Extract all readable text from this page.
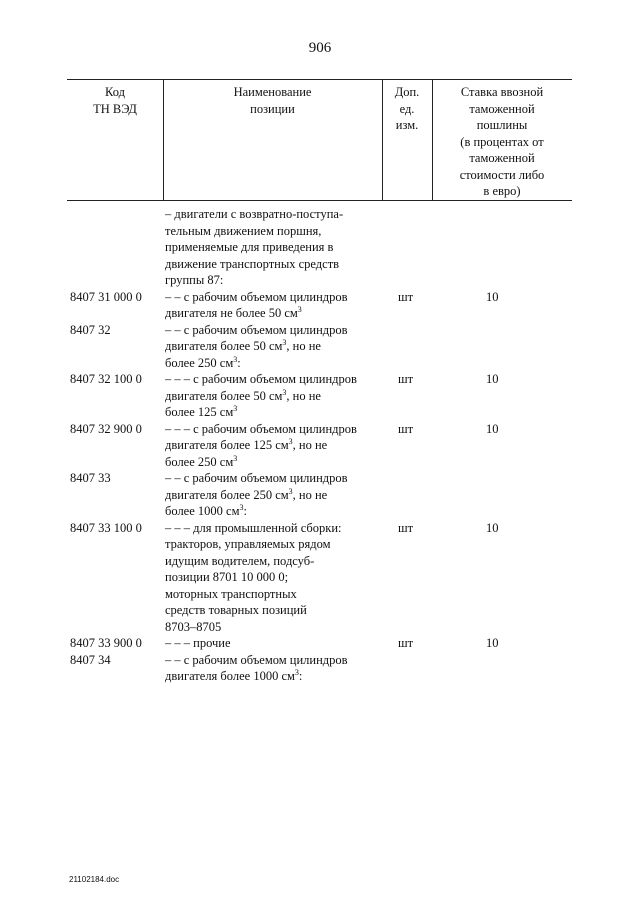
906
Код
ТН ВЭД
Наименование
позиции
Доп.
ед.
изм.
Ставка ввозной
таможенной
пошлины
(в процентах от
таможенной
стоимости либо
в евро)
– двигатели с возвратно-поступа-
тельным движением поршня,
применяемые для приведения в
движение транспортных средств
группы 87:
8407 31 000 0 – – с рабочим объемом цилиндров
двигателя не более 50 $см^3$
шт	10
8407 32	– – с рабочим объемом цилиндров
двигателя более 50 $см^3$, но не
более 250 $см^3$:
8407 32 100 0 – – – с рабочим объемом цилиндров
двигателя более 50 $см^3$, но не
более 125 $см^3$
шт	10
8407 32 900 0 – – – с рабочим объемом цилиндров
двигателя более 125 $см^3$, но не
более 250 $см^3$
шт	10
8407 33	– – с рабочим объемом цилиндров
двигателя более 250 $см^3$, но не
более 1000 $см^3$:
8407 33 100 0 – – – для промышленной сборки:
тракторов, управляемых рядом
идущим водителем, подсуб-
позиции 8701 10 000 0;
моторных транспортных
средств товарных позиций
8703–8705
шт	10
8407 33 900 0 – – – прочие	шт	10
8407 34	– – с рабочим объемом цилиндров
двигателя более 1000 $см^3$:
21102184.doc
